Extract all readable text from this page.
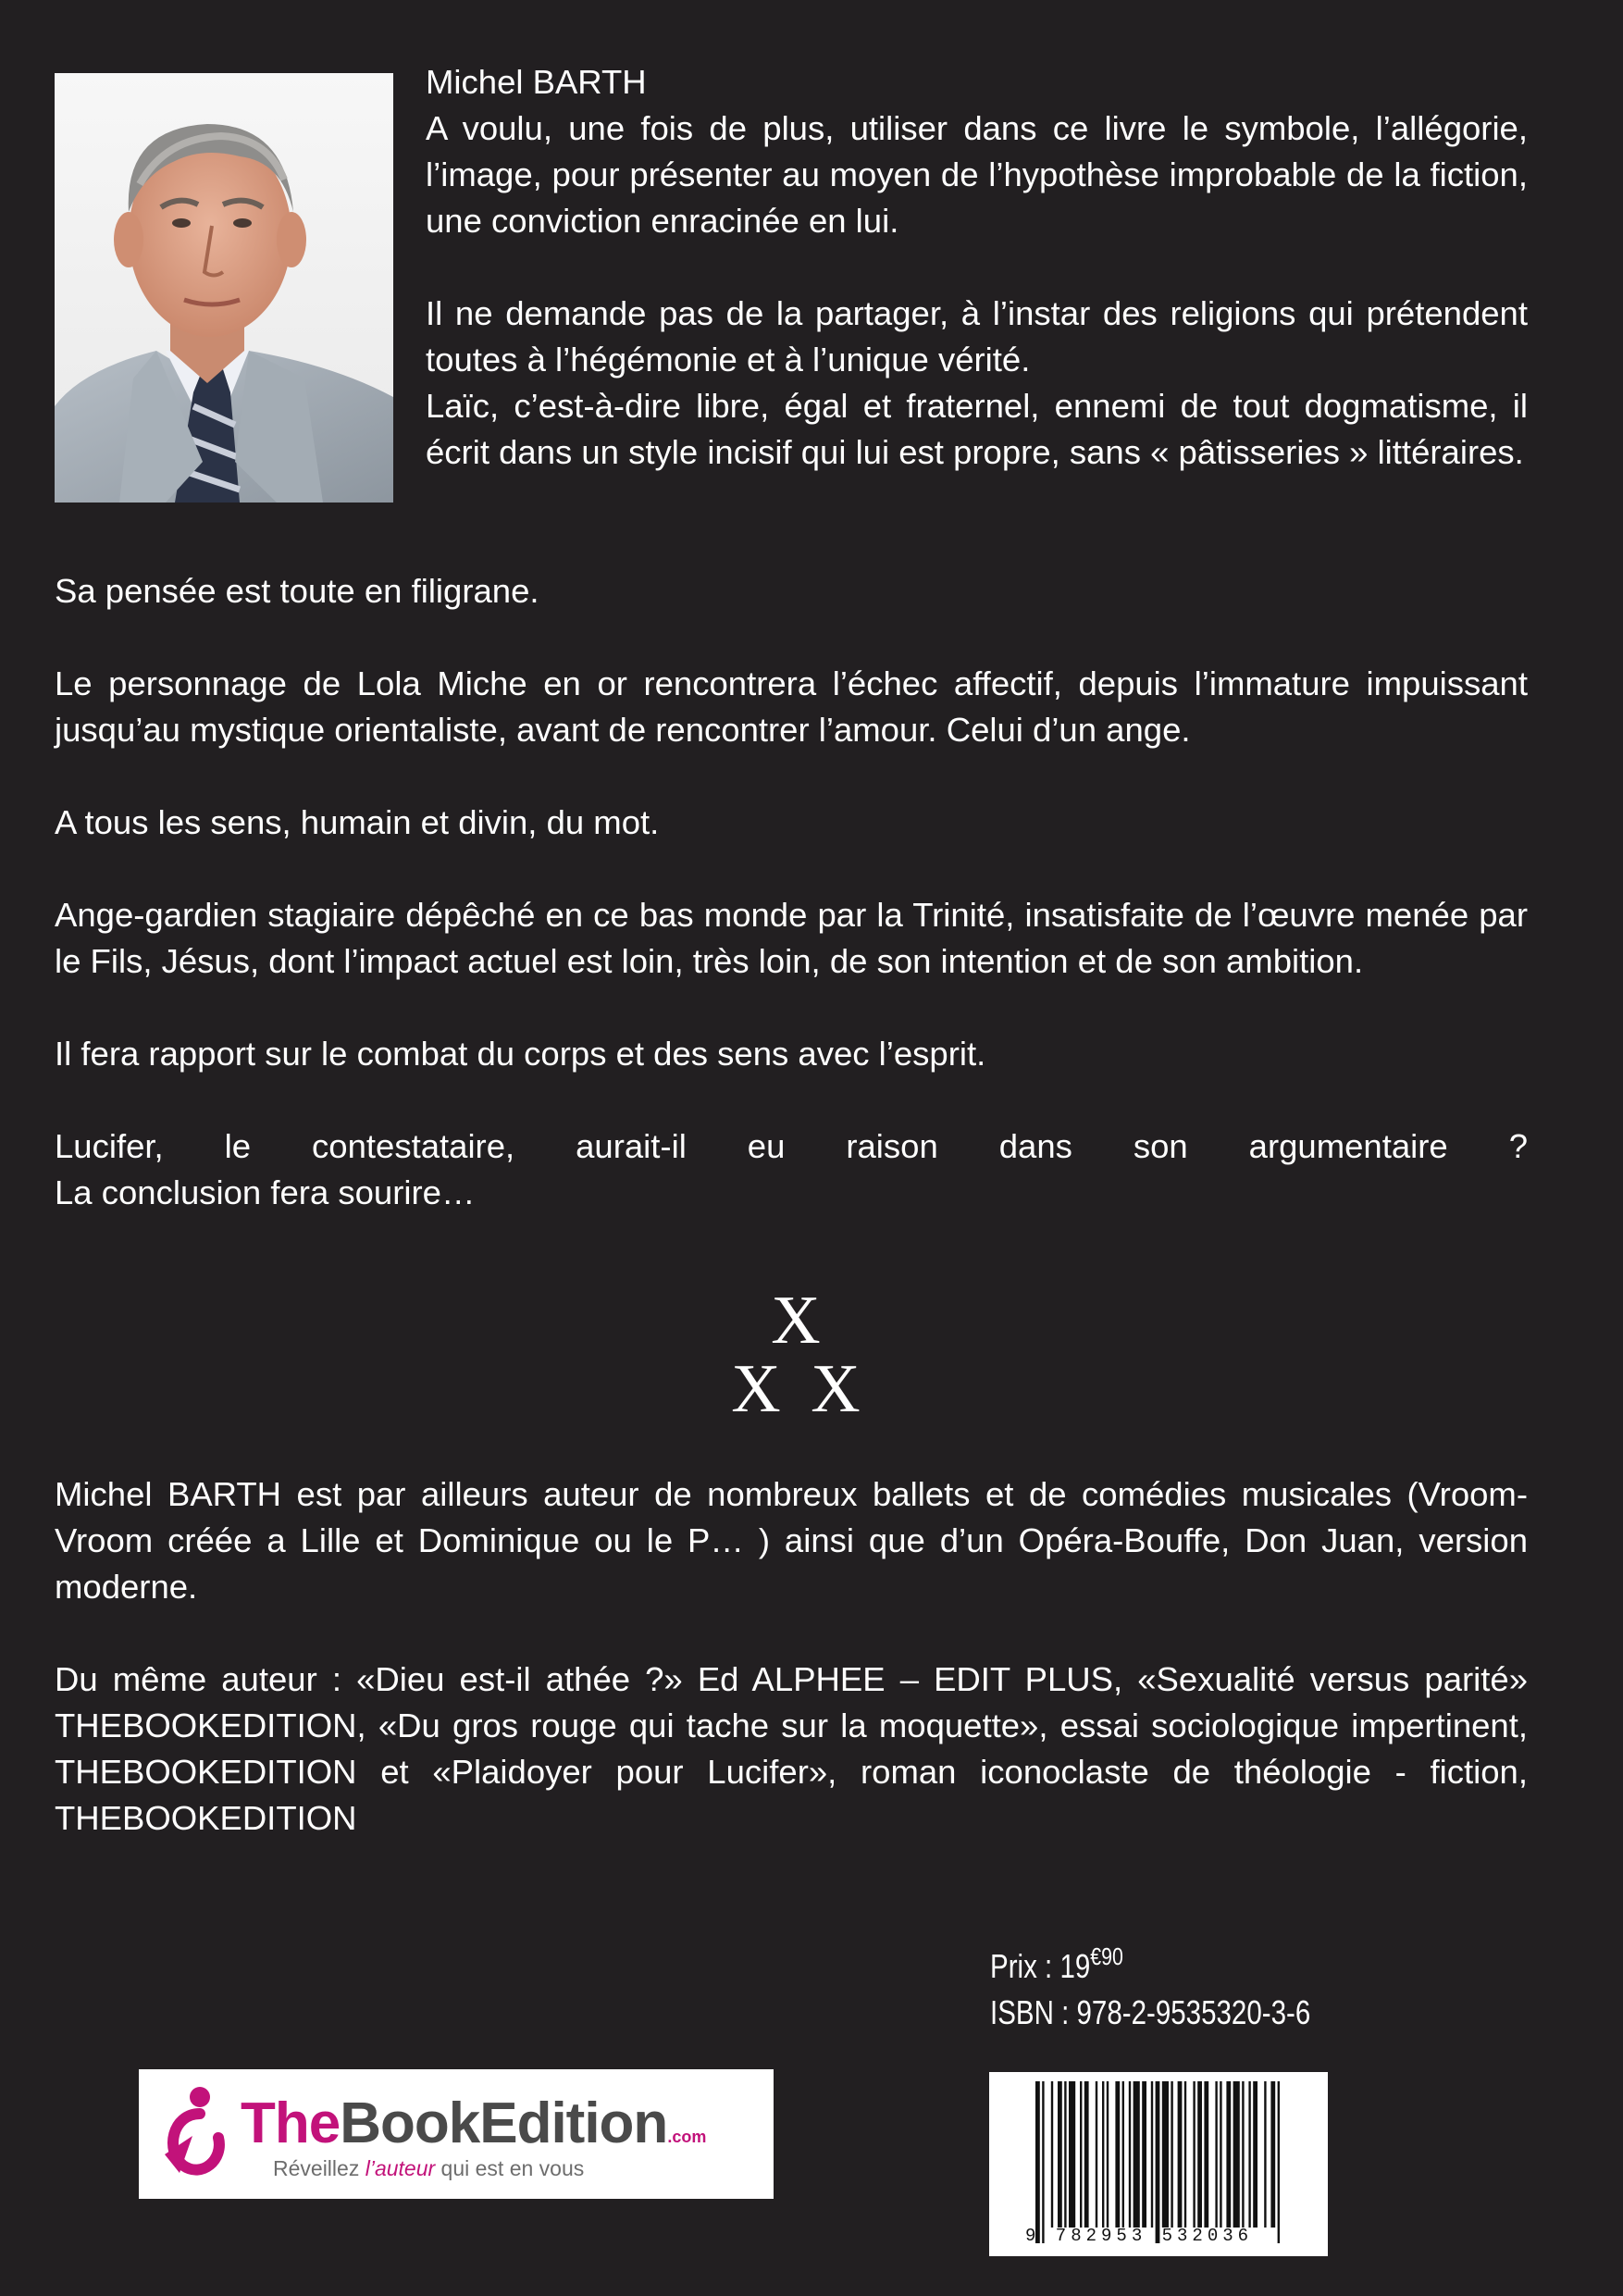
Michel BARTH

A voulu, une fois de plus, utiliser dans ce livre le symbole, l’allégorie, l’image, pour présenter au moyen de l’hypothèse improbable de la fiction, une conviction enracinée en lui.

Il ne demande pas de la partager, à l’instar des religions qui prétendent toutes à l’hégémonie et à l’unique vérité.

Laïc, c’est-à-dire libre, égal et fraternel, ennemi de tout dogmatisme, il écrit dans un style incisif qui lui est propre, sans « pâtisseries » littéraires.

Sa pensée est toute en filigrane.

Le personnage de Lola Miche en or rencontrera l’échec affectif, depuis l’immature impuissant jusqu’au mystique orientaliste, avant de rencontrer l’amour. Celui d’un ange.

A tous les sens, humain et divin, du mot.

Ange-gardien stagiaire dépêché en ce bas monde par la Trinité, insatisfaite de l’œuvre menée par le Fils, Jésus, dont l’impact actuel est loin, très loin, de son intention et de son ambition.

Il fera rapport sur le combat du corps et des sens avec l’esprit.

Lucifer, le contestataire, aurait-il eu raison dans son argumentaire ?

La conclusion fera sourire…

X
X X

Michel BARTH est par ailleurs auteur de nombreux ballets et de comédies musicales (Vroom-Vroom créée a Lille et Dominique ou le P… ) ainsi que d’un Opéra-Bouffe, Don Juan, version moderne.

Du même auteur : «Dieu est-il athée ?» Ed ALPHEE – EDIT PLUS, «Sexualité versus parité» THEBOOKEDITION, «Du gros rouge qui tache sur la moquette», essai sociologique impertinent, THEBOOKEDITION et «Plaidoyer pour Lucifer», roman iconoclaste de théologie - fiction, THEBOOKEDITION

Prix : $19^{€90}$
ISBN : 978-2-9535320-3-6
TheBookEdition.com
Réveillez l’auteur qui est en vous
9 782953 532036
